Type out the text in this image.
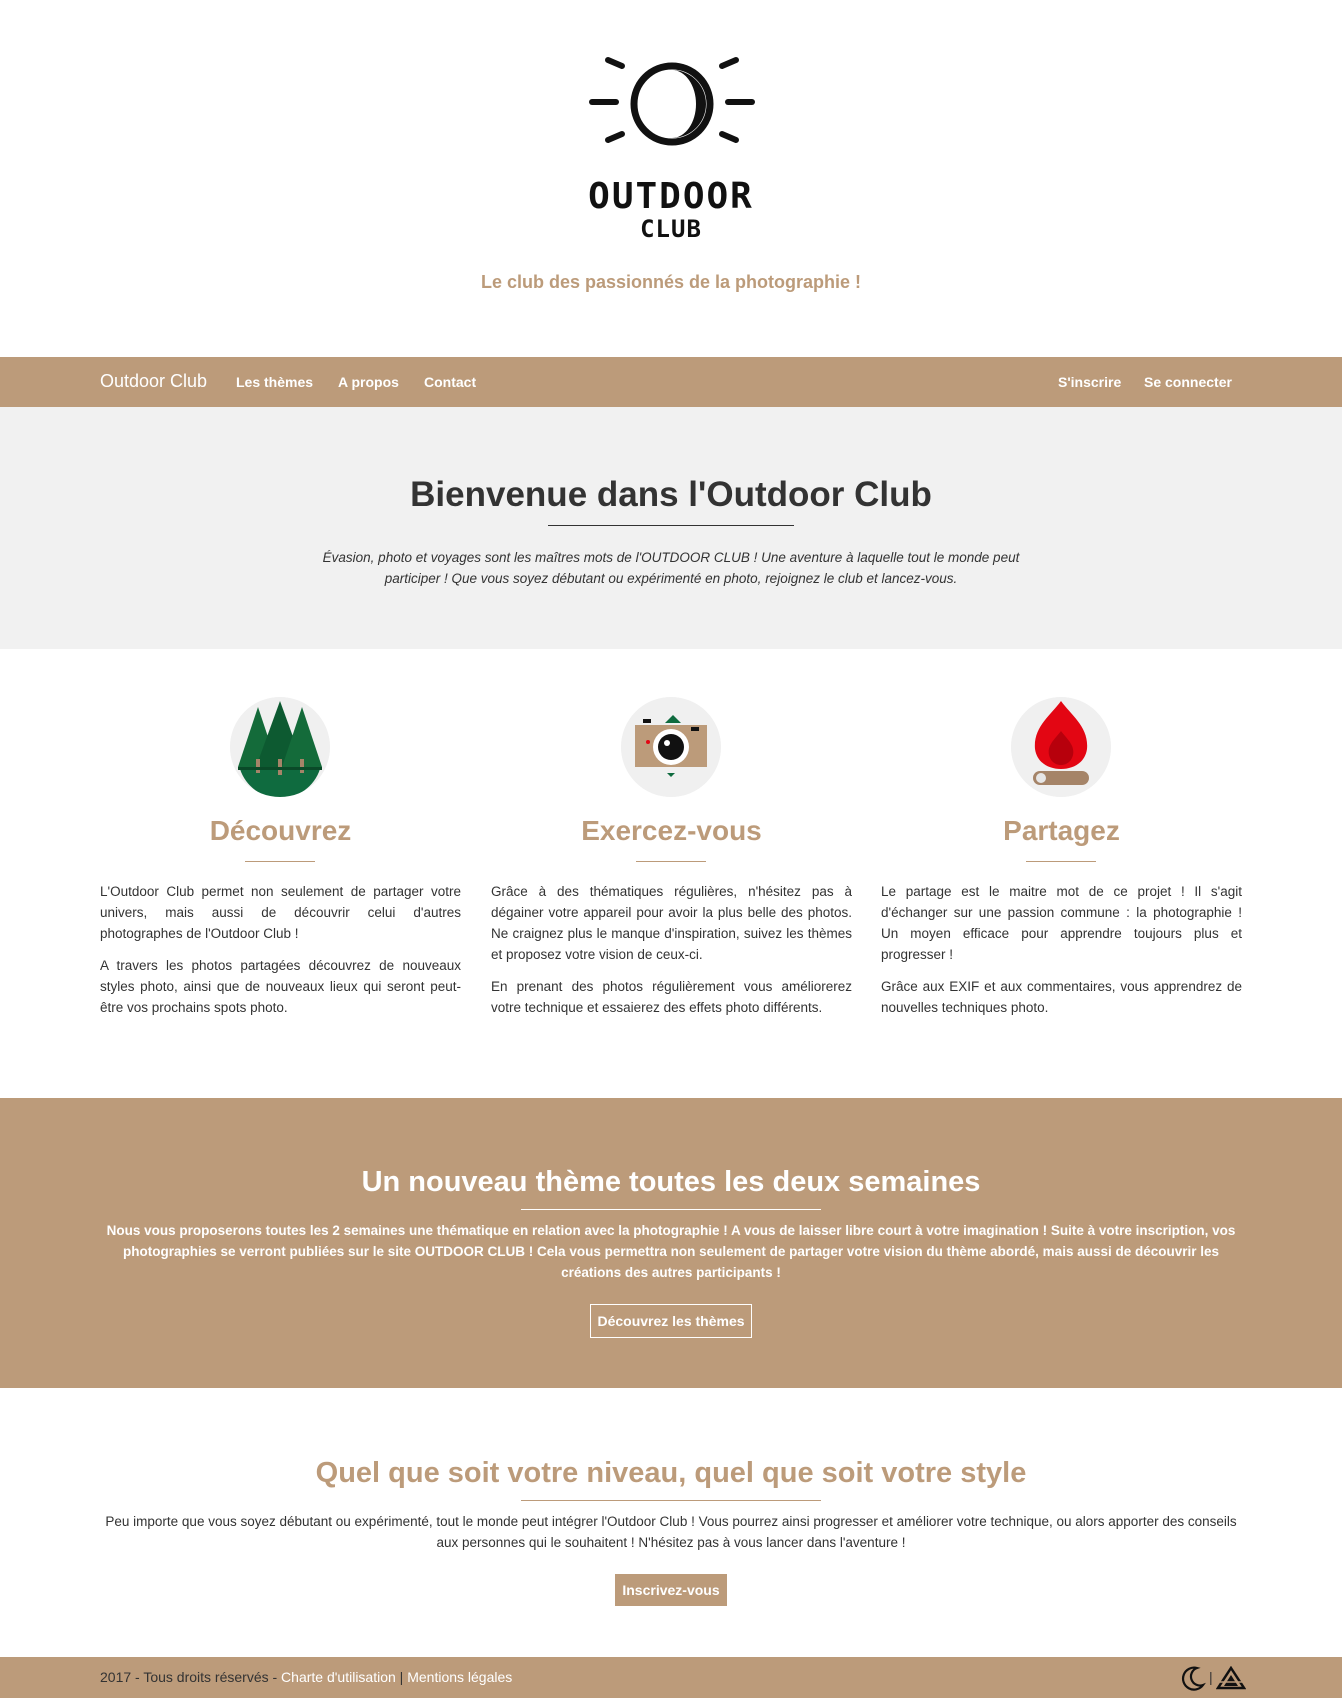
OUTDOOR
CLUB
Le club des passionnés de la photographie !
Outdoor Club Les thèmes A propos Contact	S'inscrire Se connecter
Bienvenue dans l'Outdoor Club

Évasion, photo et voyages sont les maîtres mots de l'OUTDOOR CLUB ! Une aventure à laquelle tout le monde peut participer ! Que vous soyez débutant ou expérimenté en photo, rejoignez le club et lancez-vous.

Découvrez

L'Outdoor Club permet non seulement de partager votre univers, mais aussi de découvrir celui d'autres photographes de l'Outdoor Club !

A travers les photos partagées découvrez de nouveaux styles photo, ainsi que de nouveaux lieux qui seront peut-être vos prochains spots photo.

Exercez-vous

Grâce à des thématiques régulières, n'hésitez pas à dégainer votre appareil pour avoir la plus belle des photos. Ne craignez plus le manque d'inspiration, suivez les thèmes et proposez votre vision de ceux-ci.

En prenant des photos régulièrement vous améliorerez votre technique et essaierez des effets photo différents.

Partagez

Le partage est le maitre mot de ce projet ! Il s'agit d'échanger sur une passion commune : la photographie ! Un moyen efficace pour apprendre toujours plus et progresser !

Grâce aux EXIF et aux commentaires, vous apprendrez de nouvelles techniques photo.

Un nouveau thème toutes les deux semaines

Nous vous proposerons toutes les 2 semaines une thématique en relation avec la photographie ! A vous de laisser libre court à votre imagination ! Suite à votre inscription, vos photographies se verront publiées sur le site OUTDOOR CLUB ! Cela vous permettra non seulement de partager votre vision du thème abordé, mais aussi de découvrir les créations des autres participants !

Découvrez les thèmes
Quel que soit votre niveau, quel que soit votre style

Peu importe que vous soyez débutant ou expérimenté, tout le monde peut intégrer l'Outdoor Club ! Vous pourrez ainsi progresser et améliorer votre technique, ou alors apporter des conseils aux personnes qui le souhaitent ! N'hésitez pas à vous lancer dans l'aventure !

Inscrivez-vous
2017 - Tous droits réservés - Charte d'utilisation | Mentions légales	|
